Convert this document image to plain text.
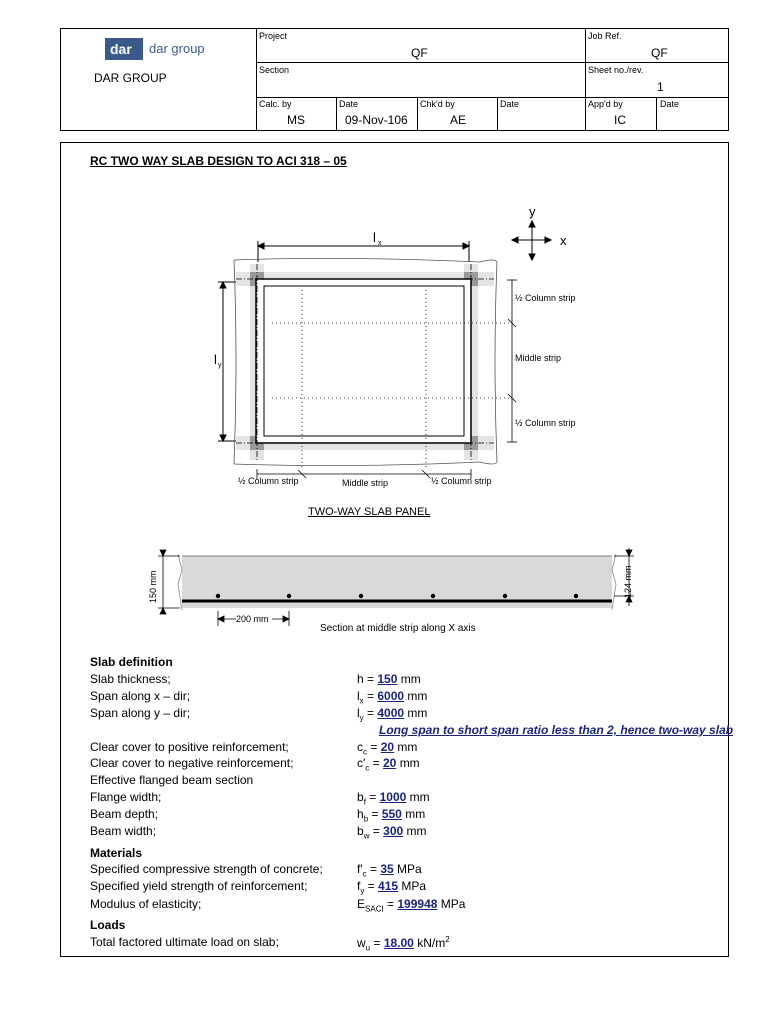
dar dar group
DAR GROUP
Project
QF
Job Ref.
QF
Section	Sheet no./rev.
1
Calc. by
MS
Date
09-Nov-106
Chk'd by
AE
Date	App'd by
IC
Date
RC TWO WAY SLAB DESIGN TO ACI 318 – 05
y
x
l x
l y
½ Column strip
Middle strip
½ Column strip
½ Column strip	Middle strip	½ Column strip
TWO-WAY SLAB PANEL
150 mm	124 mm
200 mm
Section at middle strip along X axis
Slab definition
Slab thickness;	h = 150 mm
Span along x – dir;	$l_x = 6000$ mm
Span along y – dir;	$l_y = 4000$ mm
Long span to short span ratio less than 2, hence two-way slab
Clear cover to positive reinforcement;	$c_c = 20$ mm
Clear cover to negative reinforcement;	$c'_c = 20$ mm
Effective flanged beam section
Flange width;	$b_f = 1000$ mm
Beam depth;	$h_b = 550$ mm
Beam width;	$b_w = 300$ mm
Materials
Specified compressive strength of concrete;	$f'_c = 35$ MPa
Specified yield strength of reinforcement;	$f_y = 415$ MPa
Modulus of elasticity;	$E_{SACI} = 199948$ MPa
Loads
Total factored ultimate load on slab;	$w_u = 18.00$ $kN/m^2$
